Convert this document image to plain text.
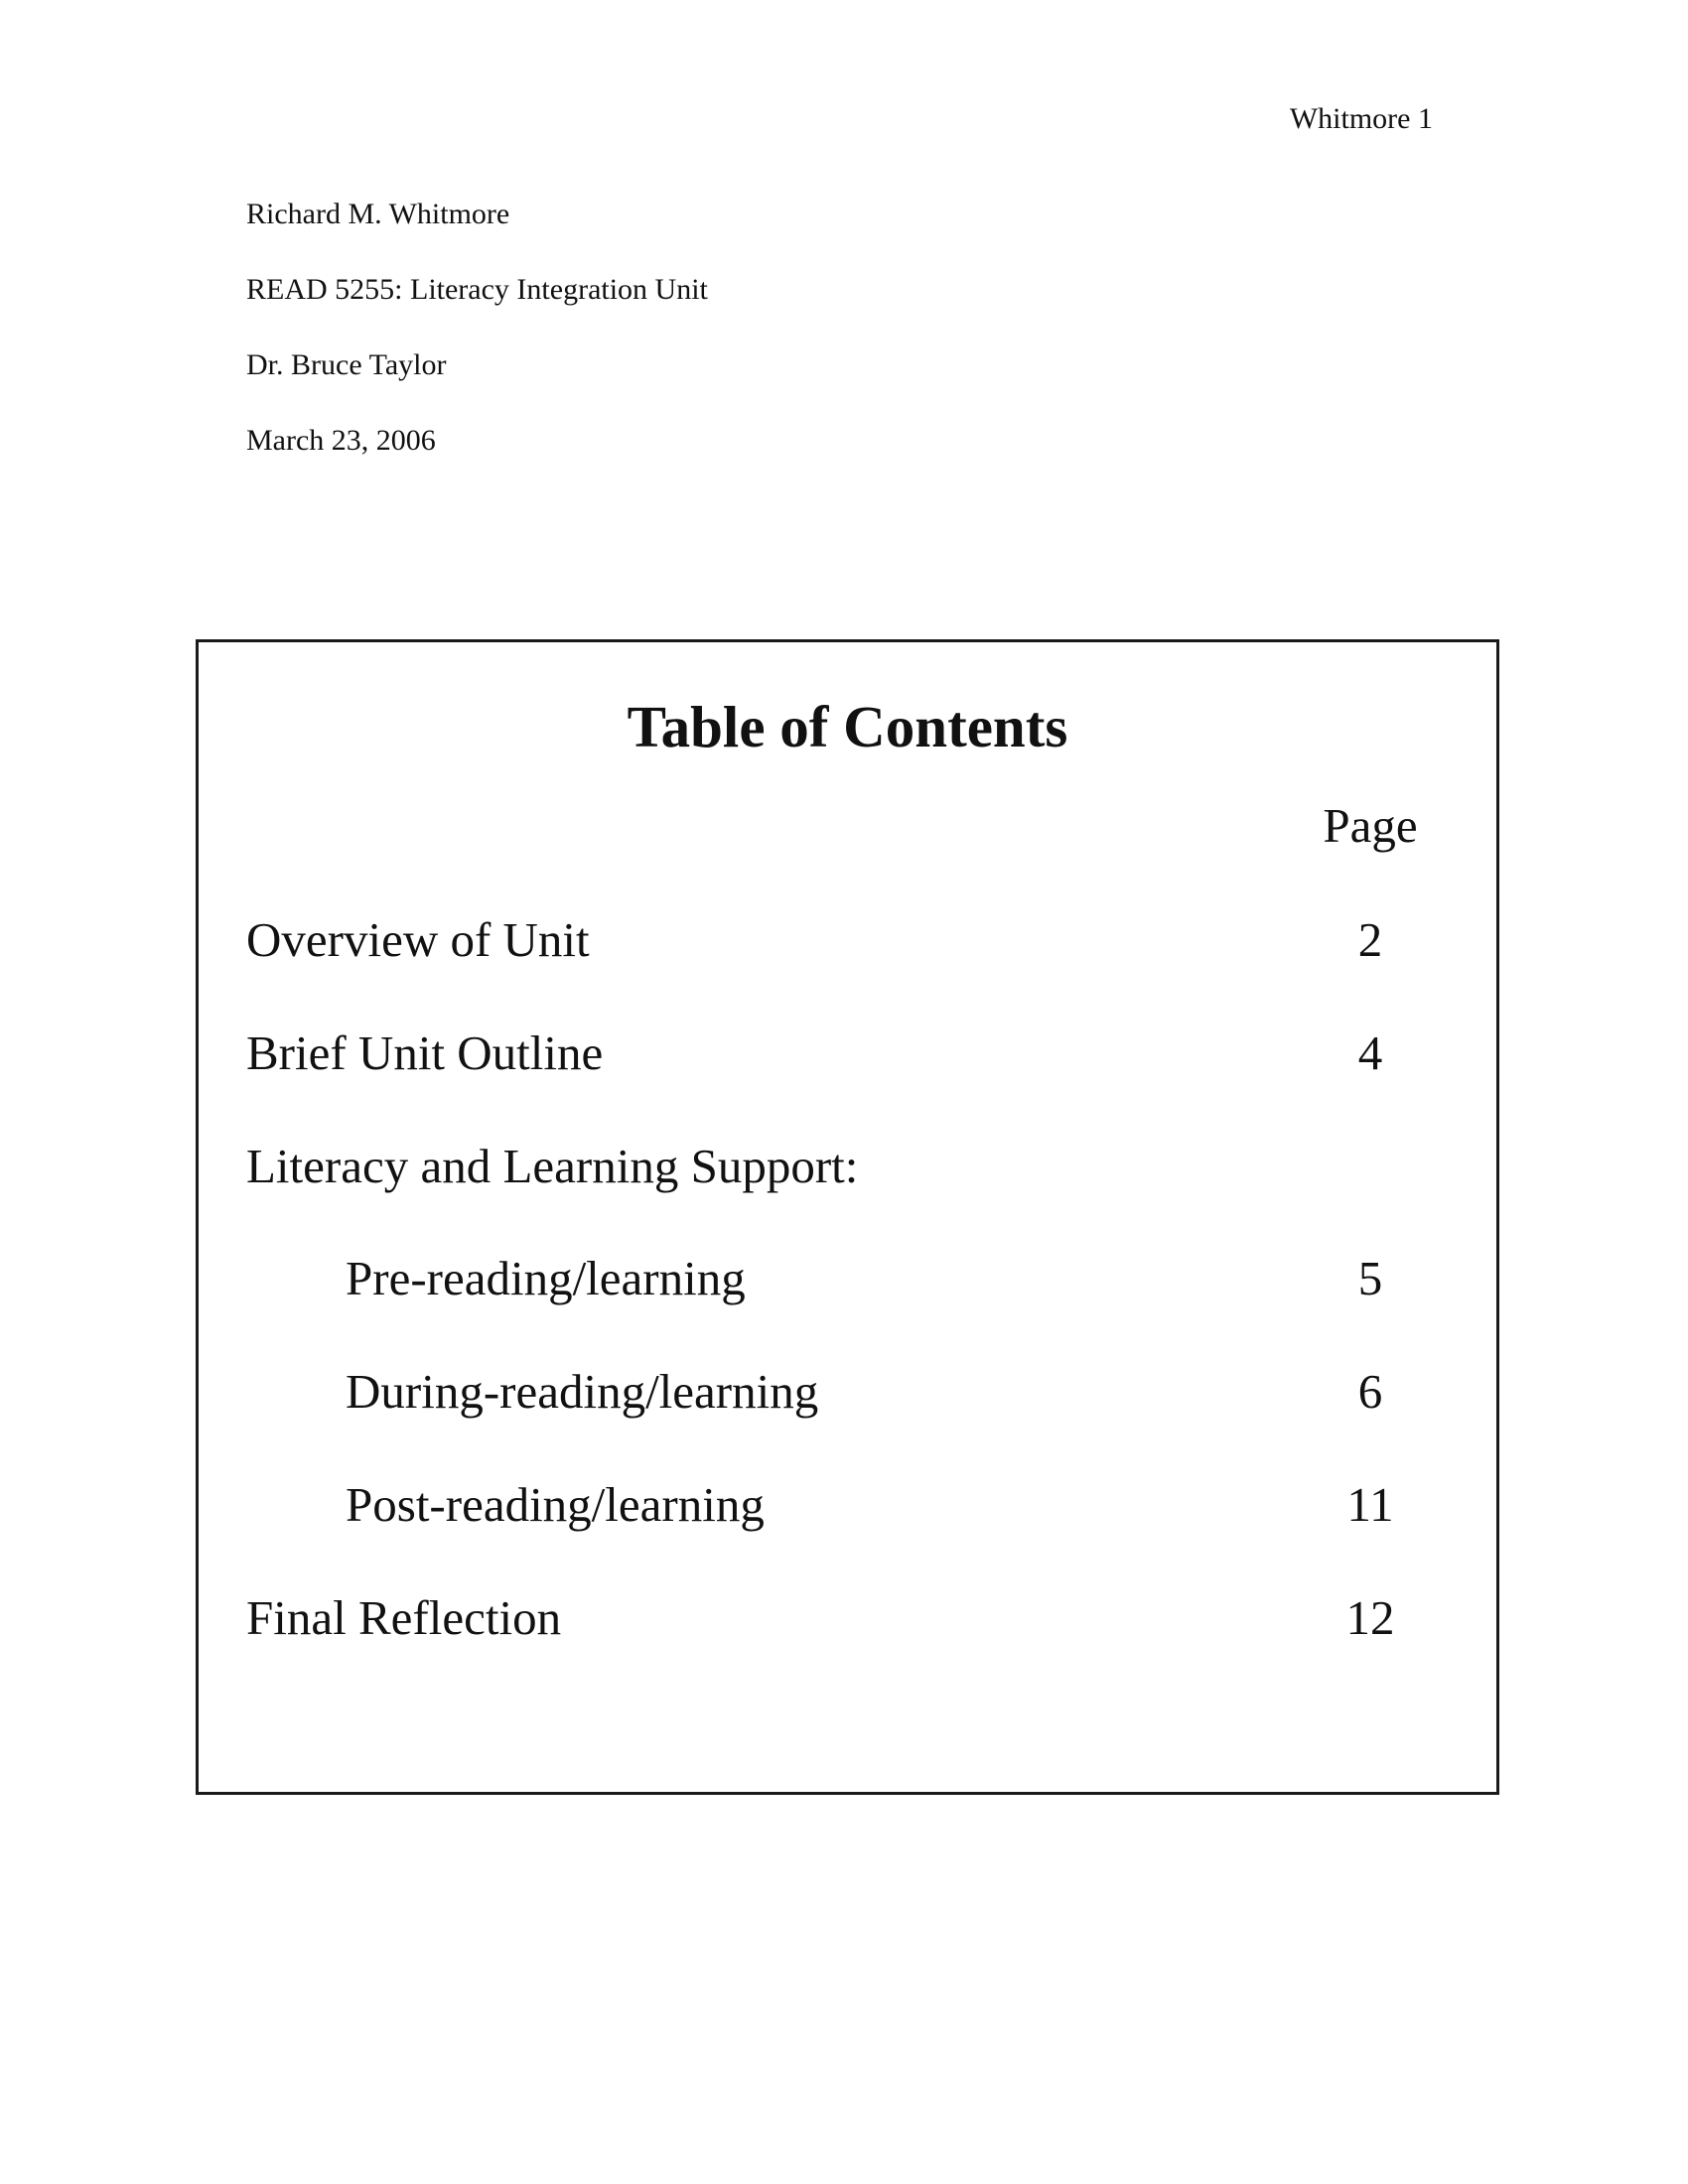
Whitmore 1
Richard M. Whitmore
READ 5255: Literacy Integration Unit
Dr. Bruce Taylor
March 23, 2006
Table of Contents
Page
Overview of Unit	2
Brief Unit Outline	4
Literacy and Learning Support:
Pre-reading/learning	5
During-reading/learning	6
Post-reading/learning	11
Final Reflection	12
